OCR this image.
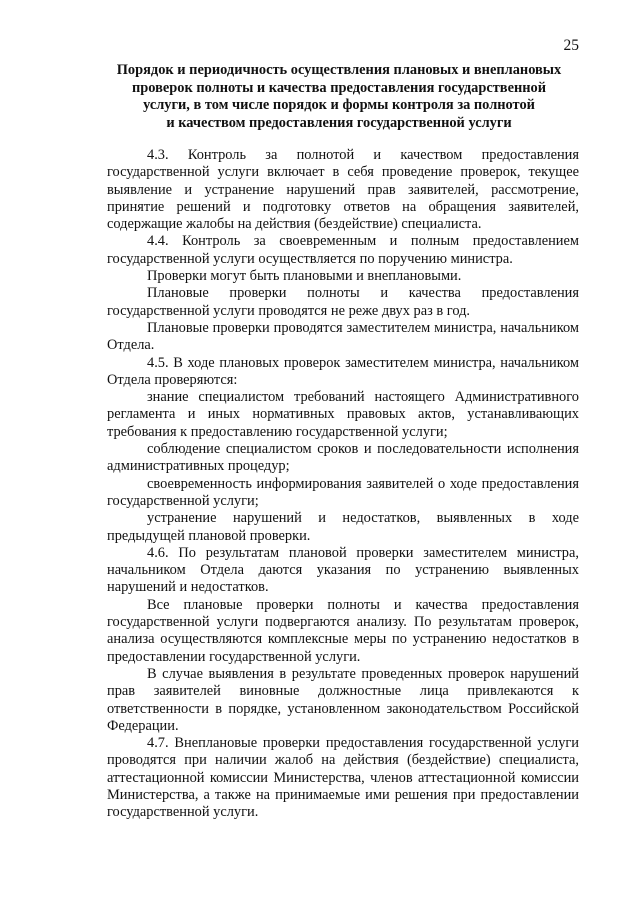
25
Порядок и периодичность осуществления плановых и внеплановых
проверок полноты и качества предоставления государственной
услуги, в том числе порядок и формы контроля за полнотой
и качеством предоставления государственной услуги

4.3. Контроль за полнотой и качеством предоставления государственной услуги включает в себя проведение проверок, текущее выявление и устранение нарушений прав заявителей, рассмотрение, принятие решений и подготовку ответов на обращения заявителей, содержащие жалобы на действия (бездействие) специалиста.

4.4. Контроль за своевременным и полным предоставлением государственной услуги осуществляется по поручению министра.

Проверки могут быть плановыми и внеплановыми.

Плановые проверки полноты и качества предоставления государственной услуги проводятся не реже двух раз в год.

Плановые проверки проводятся заместителем министра, начальником Отдела.

4.5. В ходе плановых проверок заместителем министра, начальником Отдела проверяются:

знание специалистом требований настоящего Административного регламента и иных нормативных правовых актов, устанавливающих требования к предоставлению государственной услуги;

соблюдение специалистом сроков и последовательности исполнения административных процедур;

своевременность информирования заявителей о ходе предоставления государственной услуги;

устранение нарушений и недостатков, выявленных в ходе предыдущей плановой проверки.

4.6. По результатам плановой проверки заместителем министра, начальником Отдела даются указания по устранению выявленных нарушений и недостатков.

Все плановые проверки полноты и качества предоставления государственной услуги подвергаются анализу. По результатам проверок, анализа осуществляются комплексные меры по устранению недостатков в предоставлении государственной услуги.

В случае выявления в результате проведенных проверок нарушений прав заявителей виновные должностные лица привлекаются к ответственности в порядке, установленном законодательством Российской Федерации.

4.7. Внеплановые проверки предоставления государственной услуги проводятся при наличии жалоб на действия (бездействие) специалиста, аттестационной комиссии Министерства, членов аттестационной комиссии Министерства, а также на принимаемые ими решения при предоставлении государственной услуги.
